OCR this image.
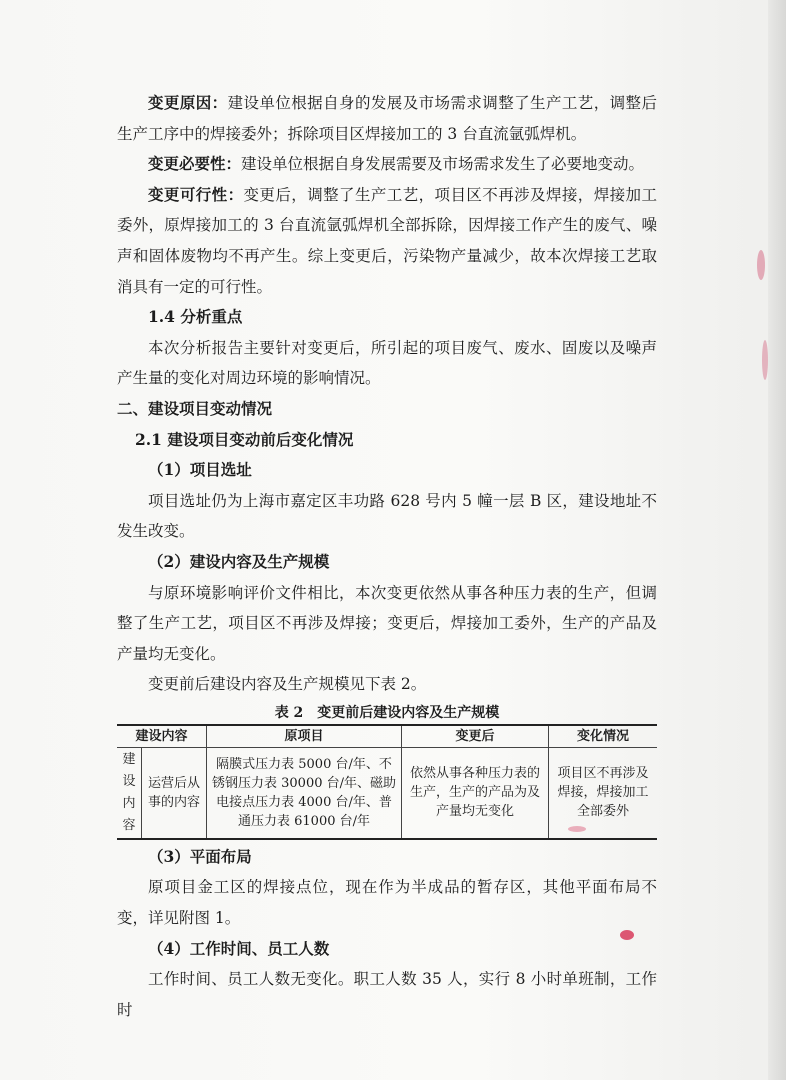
变更原因：建设单位根据自身的发展及市场需求调整了生产工艺，调整后生产工序中的焊接委外；拆除项目区焊接加工的 3 台直流氩弧焊机。

变更必要性：建设单位根据自身发展需要及市场需求发生了必要地变动。

变更可行性：变更后，调整了生产工艺，项目区不再涉及焊接，焊接加工委外，原焊接加工的 3 台直流氩弧焊机全部拆除，因焊接工作产生的废气、噪声和固体废物均不再产生。综上变更后，污染物产量减少，故本次焊接工艺取消具有一定的可行性。

1.4 分析重点

本次分析报告主要针对变更后，所引起的项目废气、废水、固废以及噪声产生量的变化对周边环境的影响情况。

二、建设项目变动情况
2.1 建设项目变动前后变化情况
（1）项目选址

项目选址仍为上海市嘉定区丰功路 628 号内 5 幢一层 B 区，建设地址不发生改变。

（2）建设内容及生产规模

与原环境影响评价文件相比，本次变更依然从事各种压力表的生产，但调整了生产工艺，项目区不再涉及焊接；变更后，焊接加工委外，生产的产品及产量均无变化。

变更前后建设内容及生产规模见下表 2。

表 2　变更前后建设内容及生产规模
建设内容		原项目	变更后	变化情况
建设内容	运营后从事的内容	隔膜式压力表 5000 台/年、不锈钢压力表 30000 台/年、磁助电接点压力表 4000 台/年、普通压力表 61000 台/年	依然从事各种压力表的生产，生产的产品为及产量均无变化	项目区不再涉及焊接，焊接加工全部委外
（3）平面布局

原项目金工区的焊接点位，现在作为半成品的暂存区，其他平面布局不变，详见附图 1。

（4）工作时间、员工人数

工作时间、员工人数无变化。职工人数 35 人，实行 8 小时单班制，工作时
